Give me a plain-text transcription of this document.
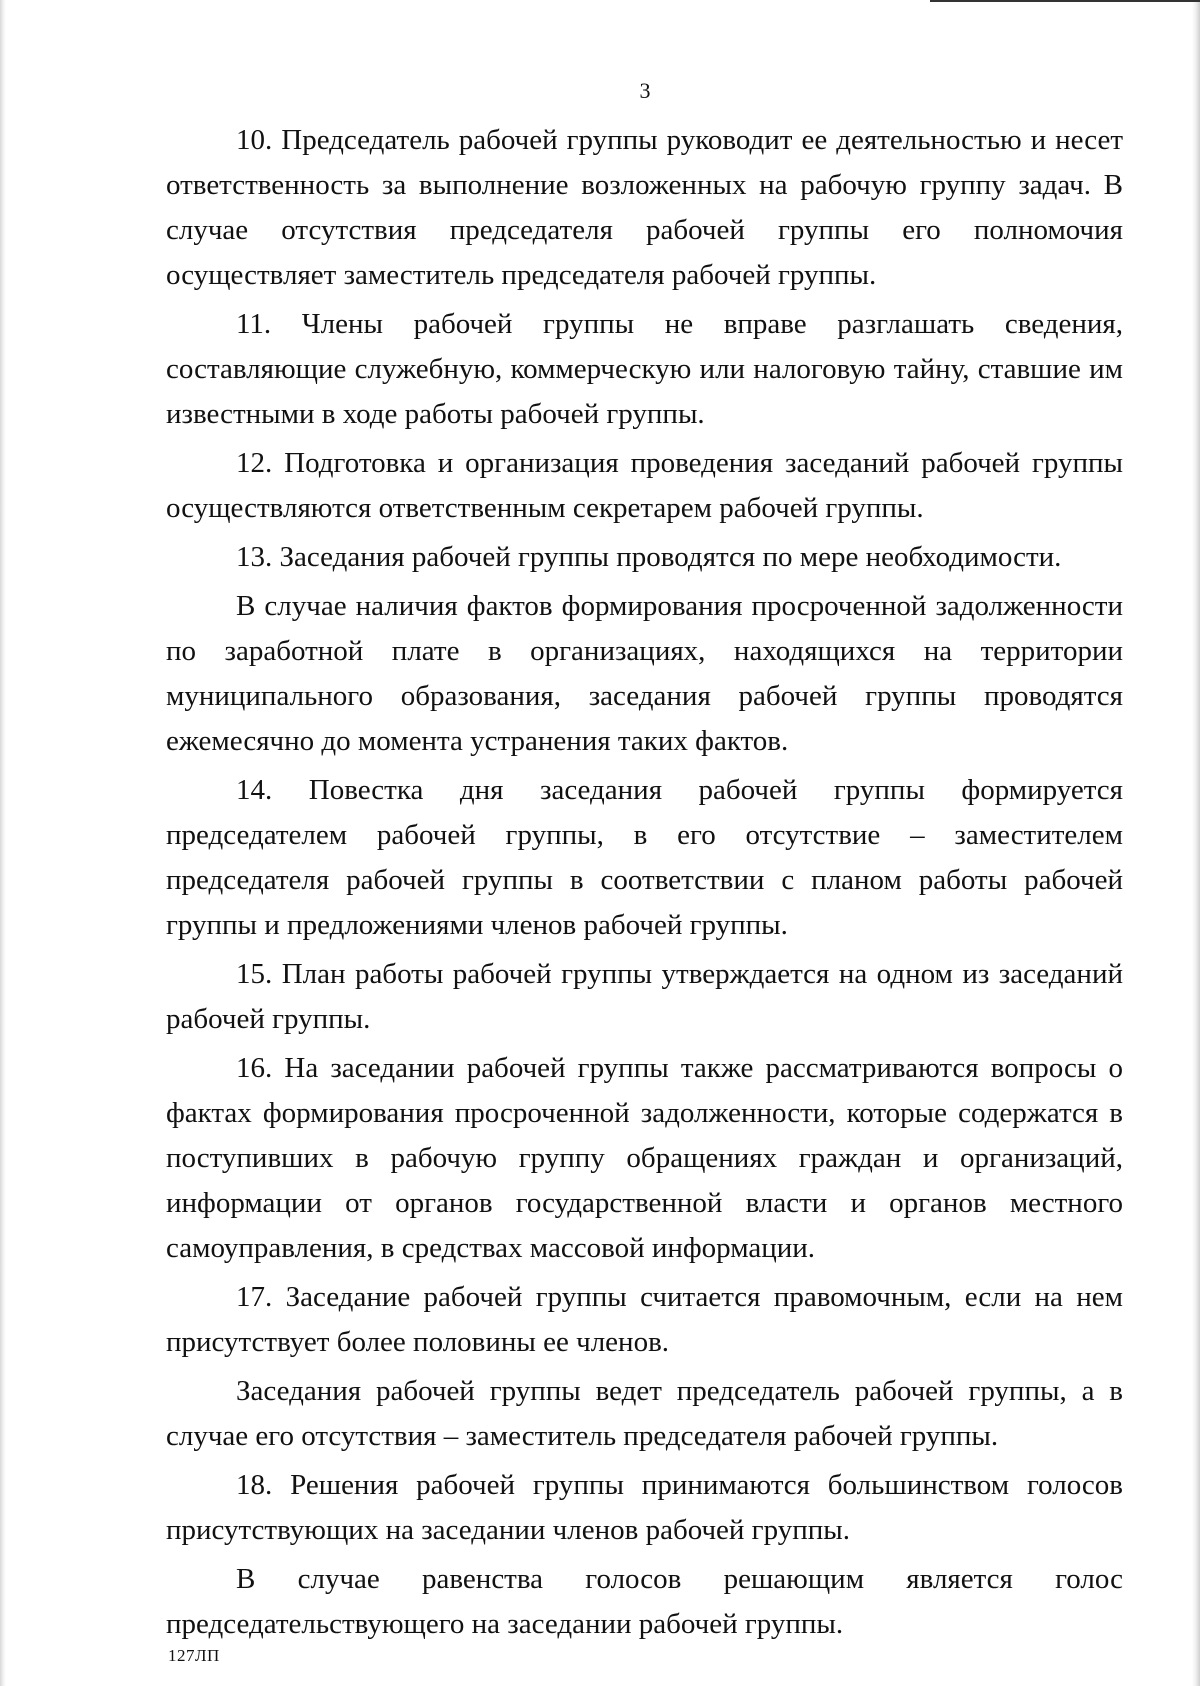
3

10. Председатель рабочей группы руководит ее деятельностью и несет ответственность за выполнение возложенных на рабочую группу задач. В случае отсутствия председателя рабочей группы его полномочия осуществляет заместитель председателя рабочей группы.

11. Члены рабочей группы не вправе разглашать сведения, составляющие служебную, коммерческую или налоговую тайну, ставшие им известными в ходе работы рабочей группы.

12. Подготовка и организация проведения заседаний рабочей группы осуществляются ответственным секретарем рабочей группы.

13. Заседания рабочей группы проводятся по мере необходимости.

В случае наличия фактов формирования просроченной задолженности по заработной плате в организациях, находящихся на территории муниципального образования, заседания рабочей группы проводятся ежемесячно до момента устранения таких фактов.

14. Повестка дня заседания рабочей группы формируется председателем рабочей группы, в его отсутствие – заместителем председателя рабочей группы в соответствии с планом работы рабочей группы и предложениями членов рабочей группы.

15. План работы рабочей группы утверждается на одном из заседаний рабочей группы.

16. На заседании рабочей группы также рассматриваются вопросы о фактах формирования просроченной задолженности, которые содержатся в поступивших в рабочую группу обращениях граждан и организаций, информации от органов государственной власти и органов местного самоуправления, в средствах массовой информации.

17. Заседание рабочей группы считается правомочным, если на нем присутствует более половины ее членов.

Заседания рабочей группы ведет председатель рабочей группы, а в случае его отсутствия – заместитель председателя рабочей группы.

18. Решения рабочей группы принимаются большинством голосов присутствующих на заседании членов рабочей группы.

В случае равенства голосов решающим является голос председательствующего на заседании рабочей группы.

127ЛП
